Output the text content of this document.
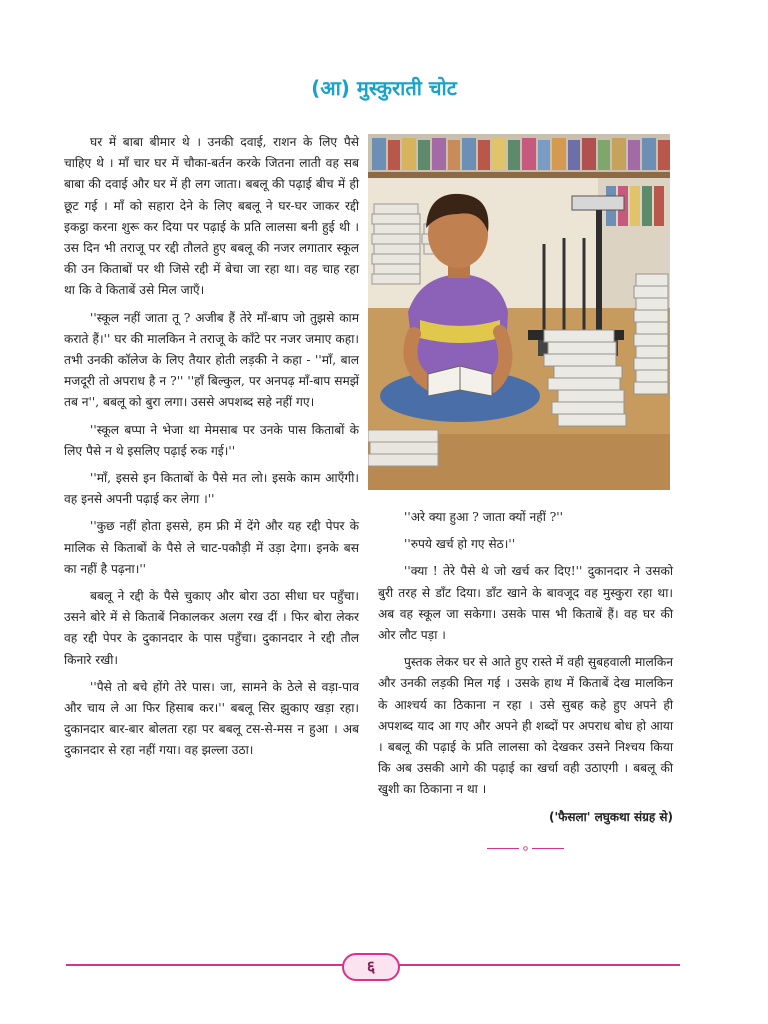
(आ) मुस्कुराती चोट

घर में बाबा बीमार थे । उनकी दवाई, राशन के लिए पैसे चाहिए थे । माँ चार घर में चौका-बर्तन करके जितना लाती वह सब बाबा की दवाई और घर में ही लग जाता। बबलू की पढ़ाई बीच में ही छूट गई । माँ को सहारा देने के लिए बबलू ने घर-घर जाकर रद्दी इकट्ठा करना शुरू कर दिया पर पढ़ाई के प्रति लालसा बनी हुई थी । उस दिन भी तराजू पर रद्दी तौलते हुए बबलू की नजर लगातार स्कूल की उन किताबों पर थी जिसे रद्दी में बेचा जा रहा था। वह चाह रहा था कि वे किताबें उसे मिल जाएँ।

''स्कूल नहीं जाता तू ? अजीब हैं तेरे माँ-बाप जो तुझसे काम कराते हैं।'' घर की मालकिन ने तराजू के काँटे पर नजर जमाए कहा। तभी उनकी कॉलेज के लिए तैयार होती लड़की ने कहा - ''माँ, बाल मजदूरी तो अपराध है न ?'' ''हाँ बिल्कुल, पर अनपढ़ माँ-बाप समझें तब न'', बबलू को बुरा लगा। उससे अपशब्द सहे नहीं गए।

''स्कूल बप्पा ने भेजा था मेमसाब पर उनके पास किताबों के लिए पैसे न थे इसलिए पढ़ाई रुक गई।''

''माँ, इससे इन किताबों के पैसे मत लो। इसके काम आएँगी। वह इनसे अपनी पढ़ाई कर लेगा ।''

''कुछ नहीं होता इससे, हम फ्री में देंगे और यह रद्दी पेपर के मालिक से किताबों के पैसे ले चाट-पकौड़ी में उड़ा देगा। इनके बस का नहीं है पढ़ना।''

बबलू ने रद्दी के पैसे चुकाए और बोरा उठा सीधा घर पहुँचा। उसने बोरे में से किताबें निकालकर अलग रख दीं । फिर बोरा लेकर वह रद्दी पेपर के दुकानदार के पास पहुँचा। दुकानदार ने रद्दी तौल किनारे रखी।

''पैसे तो बचे होंगे तेरे पास। जा, सामने के ठेले से वड़ा-पाव और चाय ले आ फिर हिसाब कर।'' बबलू सिर झुकाए खड़ा रहा। दुकानदार बार-बार बोलता रहा पर बबलू टस-से-मस न हुआ । अब दुकानदार से रहा नहीं गया। वह झल्ला उठा।

''अरे क्या हुआ ? जाता क्यों नहीं ?''

''रुपये खर्च हो गए सेठ।''

''क्या ! तेरे पैसे थे जो खर्च कर दिए!'' दुकानदार ने उसको बुरी तरह से डाँट दिया। डाँट खाने के बावजूद वह मुस्कुरा रहा था। अब वह स्कूल जा सकेगा। उसके पास भी किताबें हैं। वह घर की ओर लौट पड़ा ।

पुस्तक लेकर घर से आते हुए रास्ते में वही सुबहवाली मालकिन और उनकी लड़की मिल गई । उसके हाथ में किताबें देख मालकिन के आश्चर्य का ठिकाना न रहा । उसे सुबह कहे हुए अपने ही अपशब्द याद आ गए और अपने ही शब्दों पर अपराध बोध हो आया । बबलू की पढ़ाई के प्रति लालसा को देखकर उसने निश्चय किया कि अब उसकी आगे की पढ़ाई का खर्चा वही उठाएगी । बबलू की खुशी का ठिकाना न था ।

('फैसला' लघुकथा संग्रह से)

०
६
